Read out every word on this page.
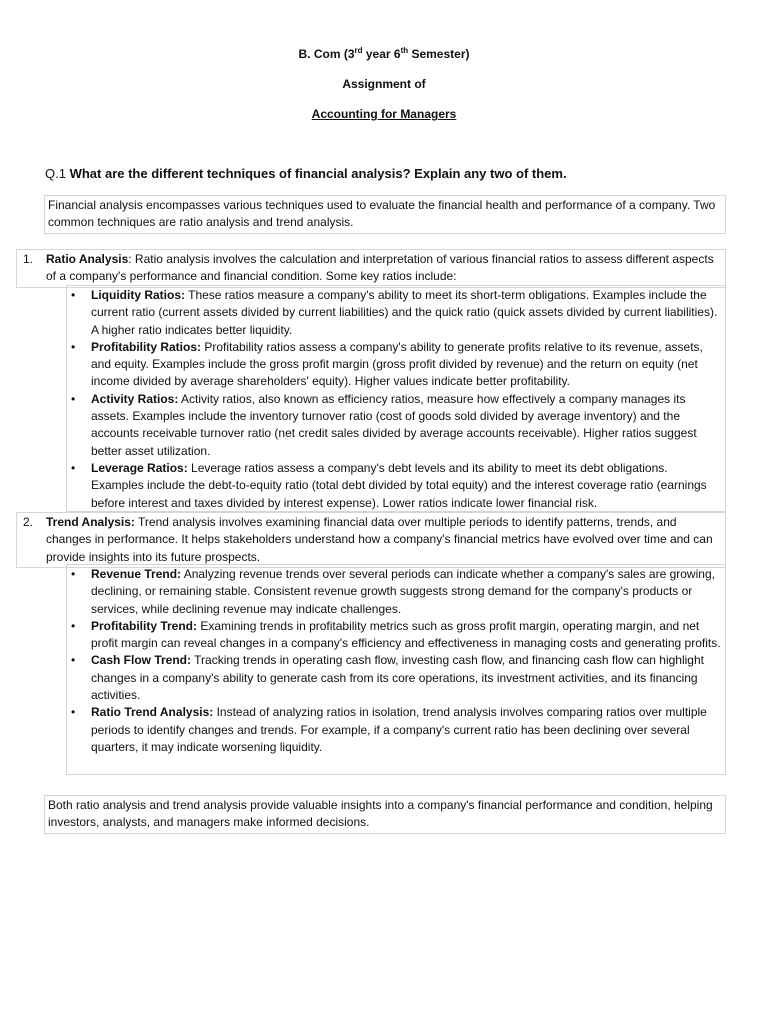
B. Com (3rd year 6th Semester)
Assignment of
Accounting for Managers
Q.1 What are the different techniques of financial analysis? Explain any two of them.
Financial analysis encompasses various techniques used to evaluate the financial health and performance of a company. Two common techniques are ratio analysis and trend analysis.
1. Ratio Analysis: Ratio analysis involves the calculation and interpretation of various financial ratios to assess different aspects of a company's performance and financial condition. Some key ratios include:
• Liquidity Ratios: These ratios measure a company's ability to meet its short-term obligations. Examples include the current ratio (current assets divided by current liabilities) and the quick ratio (quick assets divided by current liabilities). A higher ratio indicates better liquidity.
• Profitability Ratios: Profitability ratios assess a company's ability to generate profits relative to its revenue, assets, and equity. Examples include the gross profit margin (gross profit divided by revenue) and the return on equity (net income divided by average shareholders' equity). Higher values indicate better profitability.
• Activity Ratios: Activity ratios, also known as efficiency ratios, measure how effectively a company manages its assets. Examples include the inventory turnover ratio (cost of goods sold divided by average inventory) and the accounts receivable turnover ratio (net credit sales divided by average accounts receivable). Higher ratios suggest better asset utilization.
• Leverage Ratios: Leverage ratios assess a company's debt levels and its ability to meet its debt obligations. Examples include the debt-to-equity ratio (total debt divided by total equity) and the interest coverage ratio (earnings before interest and taxes divided by interest expense). Lower ratios indicate lower financial risk.
2. Trend Analysis: Trend analysis involves examining financial data over multiple periods to identify patterns, trends, and changes in performance. It helps stakeholders understand how a company's financial metrics have evolved over time and can provide insights into its future prospects.
• Revenue Trend: Analyzing revenue trends over several periods can indicate whether a company's sales are growing, declining, or remaining stable. Consistent revenue growth suggests strong demand for the company's products or services, while declining revenue may indicate challenges.
• Profitability Trend: Examining trends in profitability metrics such as gross profit margin, operating margin, and net profit margin can reveal changes in a company's efficiency and effectiveness in managing costs and generating profits.
• Cash Flow Trend: Tracking trends in operating cash flow, investing cash flow, and financing cash flow can highlight changes in a company's ability to generate cash from its core operations, its investment activities, and its financing activities.
• Ratio Trend Analysis: Instead of analyzing ratios in isolation, trend analysis involves comparing ratios over multiple periods to identify changes and trends. For example, if a company's current ratio has been declining over several quarters, it may indicate worsening liquidity.
Both ratio analysis and trend analysis provide valuable insights into a company's financial performance and condition, helping investors, analysts, and managers make informed decisions.
